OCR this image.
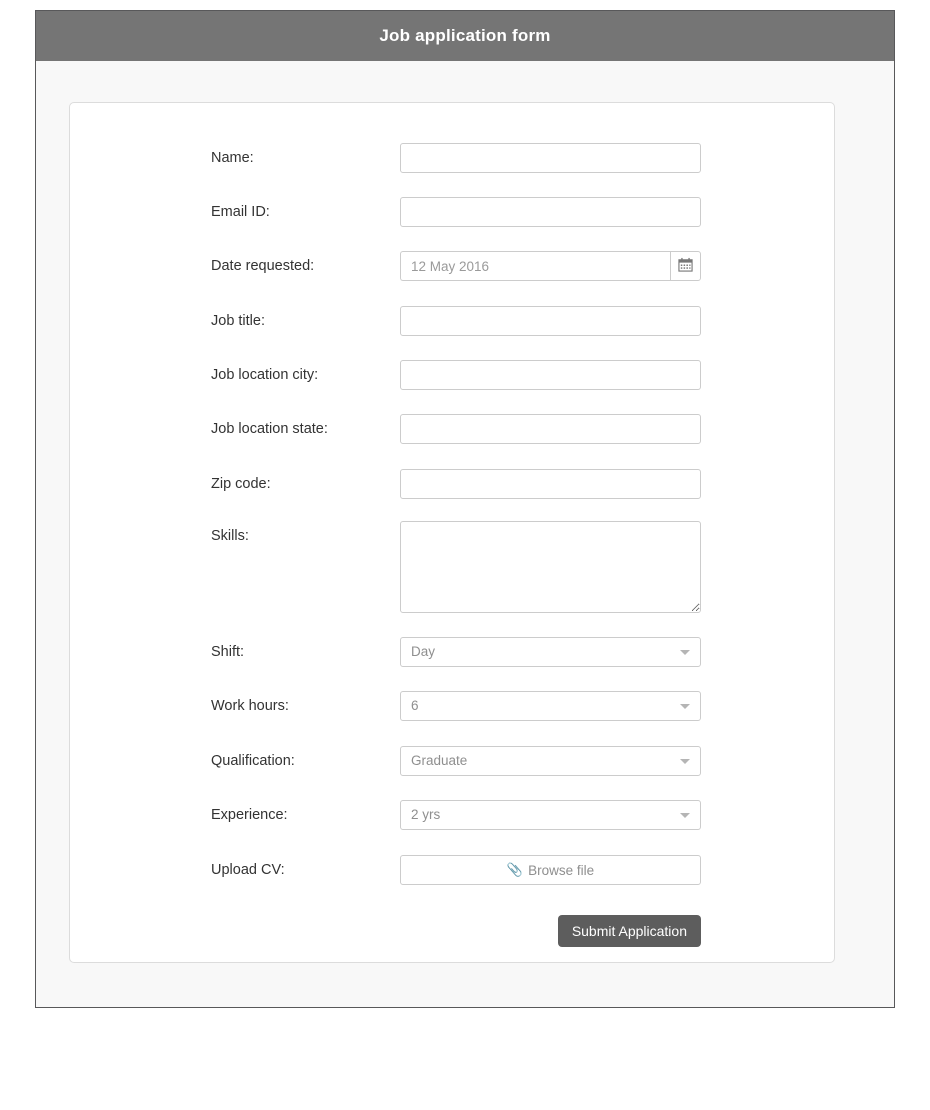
Job application form
Name:
Email ID:
Date requested:
12 May 2016
Job title:
Job location city:
Job location state:
Zip code:
Skills:
Shift:
Day
Work hours:
6
Qualification:
Graduate
Experience:
2 yrs
Upload CV:	📎 Browse file
Submit Application
